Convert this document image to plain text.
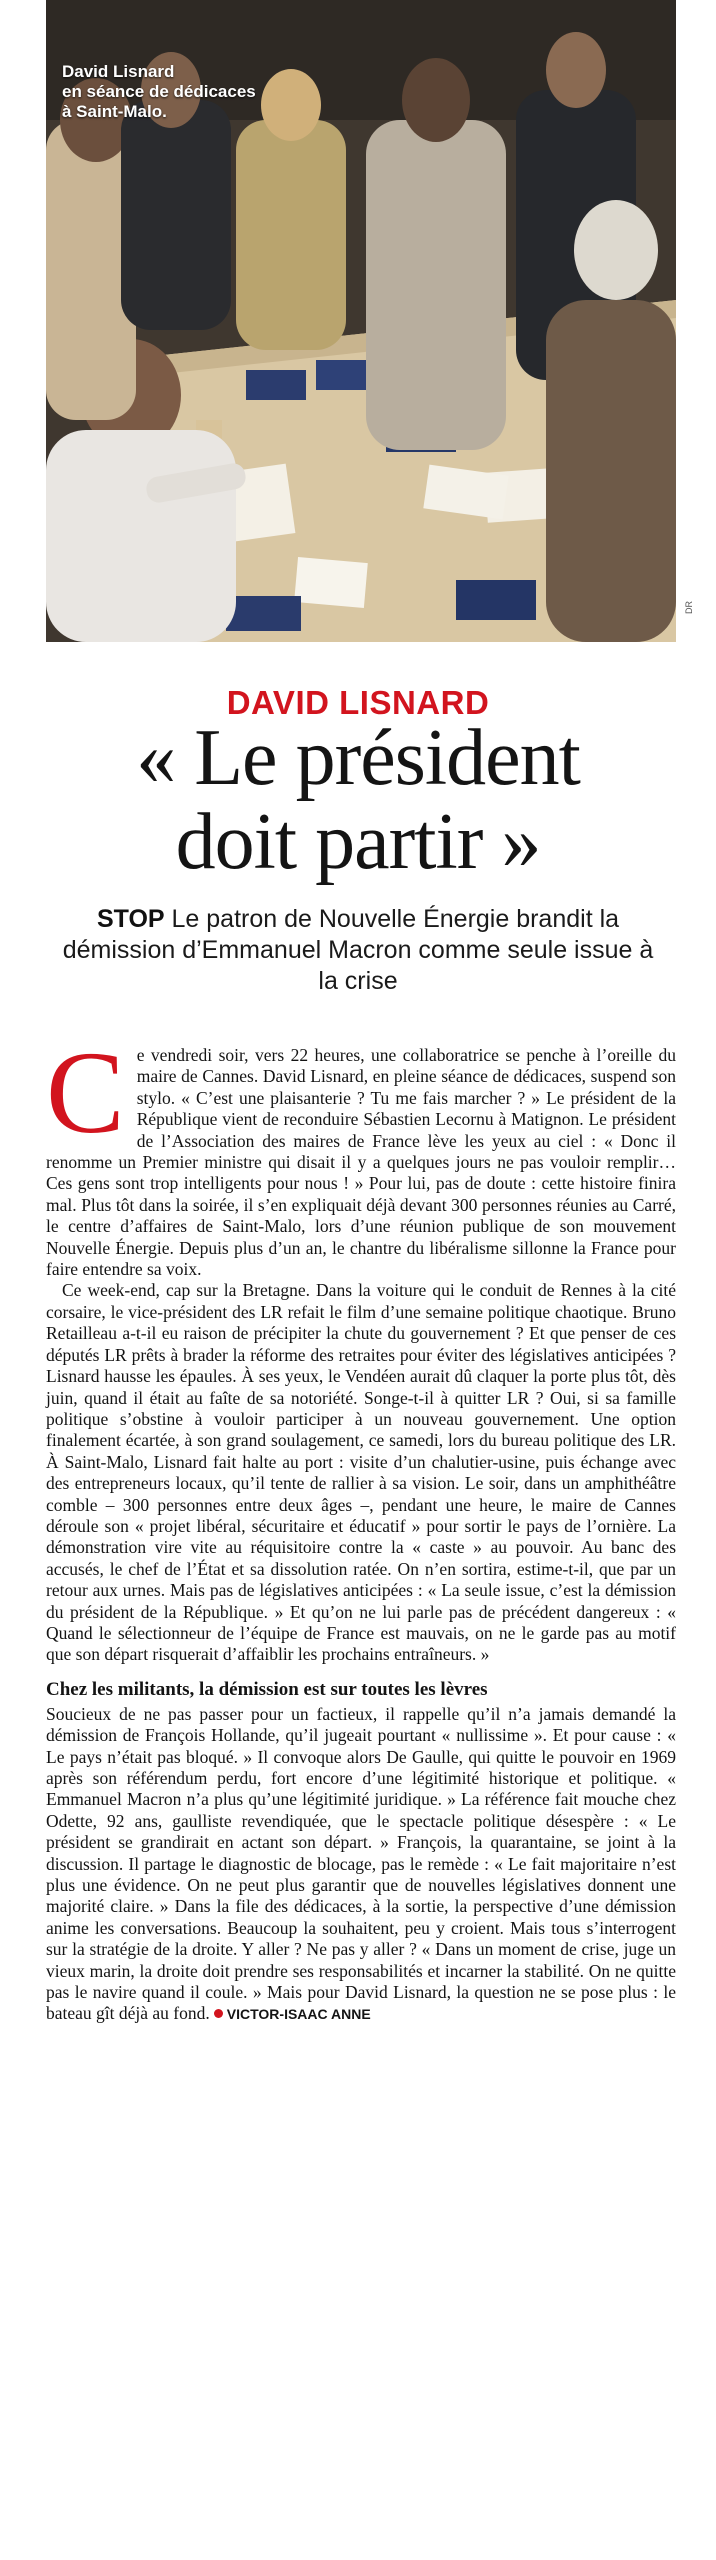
David Lisnard
en séance de dédicaces
à Saint-Malo.
DR
DAVID LISNARD
« Le président
doit partir »
STOP Le patron de Nouvelle Énergie brandit la démission d’Emmanuel Macron comme seule issue à la crise
C e vendredi soir, vers 22 heures, une collaboratrice se penche à l’oreille du maire de Cannes. David Lisnard, en pleine séance de dédicaces, suspend son stylo. « C’est une plaisanterie ? Tu me fais marcher ? » Le président de la République vient de reconduire Sébastien Lecornu à Matignon. Le président de l’Association des maires de France lève les yeux au ciel : « Donc il renomme un Premier ministre qui disait il y a quelques jours ne pas vouloir remplir… Ces gens sont trop intelligents pour nous ! » Pour lui, pas de doute : cette histoire finira mal. Plus tôt dans la soirée, il s’en expliquait déjà devant 300 personnes réunies au Carré, le centre d’affaires de Saint-Malo, lors d’une réunion publique de son mouvement Nouvelle Énergie. Depuis plus d’un an, le chantre du libéralisme sillonne la France pour faire entendre sa voix.

Ce week-end, cap sur la Bretagne. Dans la voiture qui le conduit de Rennes à la cité corsaire, le vice-président des LR refait le film d’une semaine politique chaotique. Bruno Retailleau a-t-il eu raison de précipiter la chute du gouvernement ? Et que penser de ces députés LR prêts à brader la réforme des retraites pour éviter des législatives anticipées ? Lisnard hausse les épaules. À ses yeux, le Vendéen aurait dû claquer la porte plus tôt, dès juin, quand il était au faîte de sa notoriété. Songe-t-il à quitter LR ? Oui, si sa famille politique s’obstine à vouloir participer à un nouveau gouvernement. Une option finalement écartée, à son grand soulagement, ce samedi, lors du bureau politique des LR. À Saint-Malo, Lisnard fait halte au port : visite d’un chalutier-usine, puis échange avec des entrepreneurs locaux, qu’il tente de rallier à sa vision. Le soir, dans un amphithéâtre comble – 300 personnes entre deux âges –, pendant une heure, le maire de Cannes déroule son « projet libéral, sécuritaire et éducatif » pour sortir le pays de l’ornière. La démonstration vire vite au réquisitoire contre la « caste » au pouvoir. Au banc des accusés, le chef de l’État et sa dissolution ratée. On n’en sortira, estime-t-il, que par un retour aux urnes. Mais pas de législatives anticipées : « La seule issue, c’est la démission du président de la République. » Et qu’on ne lui parle pas de précédent dangereux : « Quand le sélectionneur de l’équipe de France est mauvais, on ne le garde pas au motif que son départ risquerait d’affaiblir les prochains entraîneurs. »

Chez les militants, la démission est sur toutes les lèvres

Soucieux de ne pas passer pour un factieux, il rappelle qu’il n’a jamais demandé la démission de François Hollande, qu’il jugeait pourtant « nullissime ». Et pour cause : « Le pays n’était pas bloqué. » Il convoque alors De Gaulle, qui quitte le pouvoir en 1969 après son référendum perdu, fort encore d’une légitimité historique et politique. « Emmanuel Macron n’a plus qu’une légitimité juridique. » La référence fait mouche chez Odette, 92 ans, gaulliste revendiquée, que le spectacle politique désespère : « Le président se grandirait en actant son départ. » François, la quarantaine, se joint à la discussion. Il partage le diagnostic de blocage, pas le remède : « Le fait majoritaire n’est plus une évidence. On ne peut plus garantir que de nouvelles législatives donnent une majorité claire. » Dans la file des dédicaces, à la sortie, la perspective d’une démission anime les conversations. Beaucoup la souhaitent, peu y croient. Mais tous s’interrogent sur la stratégie de la droite. Y aller ? Ne pas y aller ? « Dans un moment de crise, juge un vieux marin, la droite doit prendre ses responsabilités et incarner la stabilité. On ne quitte pas le navire quand il coule. » Mais pour David Lisnard, la question ne se pose plus : le bateau gît déjà au fond. VICTOR-ISAAC ANNE
